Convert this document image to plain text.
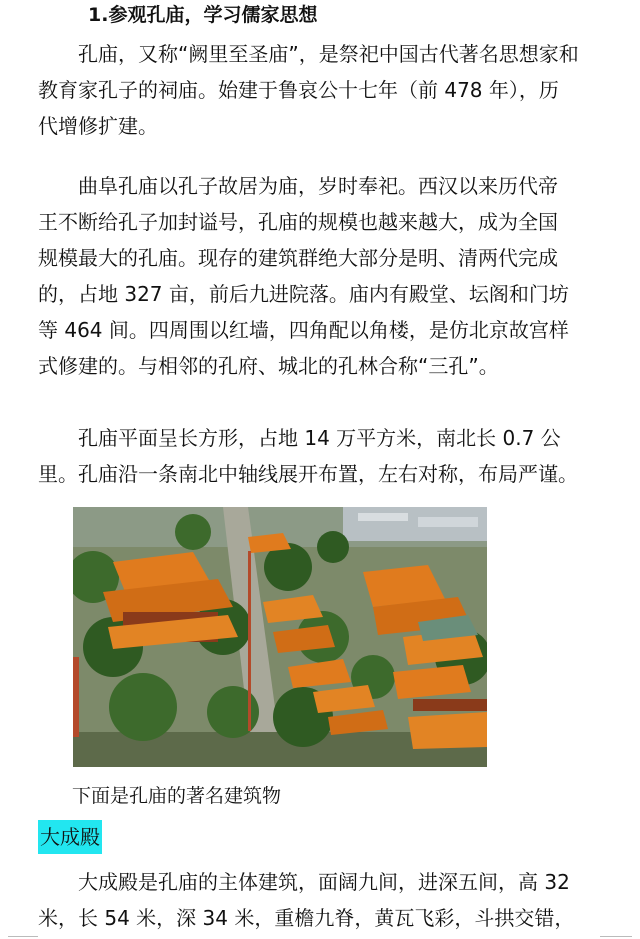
1.参观孔庙，学习儒家思想
　　孔庙，又称“阙里至圣庙”，是祭祀中国古代著名思想家和
教育家孔子的祠庙。始建于鲁哀公十七年（前 478 年），历
代增修扩建。
　　曲阜孔庙以孔子故居为庙，岁时奉祀。西汉以来历代帝
王不断给孔子加封谥号，孔庙的规模也越来越大，成为全国
规模最大的孔庙。现存的建筑群绝大部分是明、清两代完成
的，占地 327 亩，前后九进院落。庙内有殿堂、坛阁和门坊
等 464 间。四周围以红墙，四角配以角楼，是仿北京故宫样
式修建的。与相邻的孔府、城北的孔林合称“三孔”。
　　孔庙平面呈长方形，占地 14 万平方米，南北长 0.7 公
里。孔庙沿一条南北中轴线展开布置，左右对称，布局严谨。
下面是孔庙的著名建筑物
大成殿
　　大成殿是孔庙的主体建筑，面阔九间，进深五间，高 32
米，长 54 米，深 34 米，重檐九脊，黄瓦飞彩，斗拱交错，
